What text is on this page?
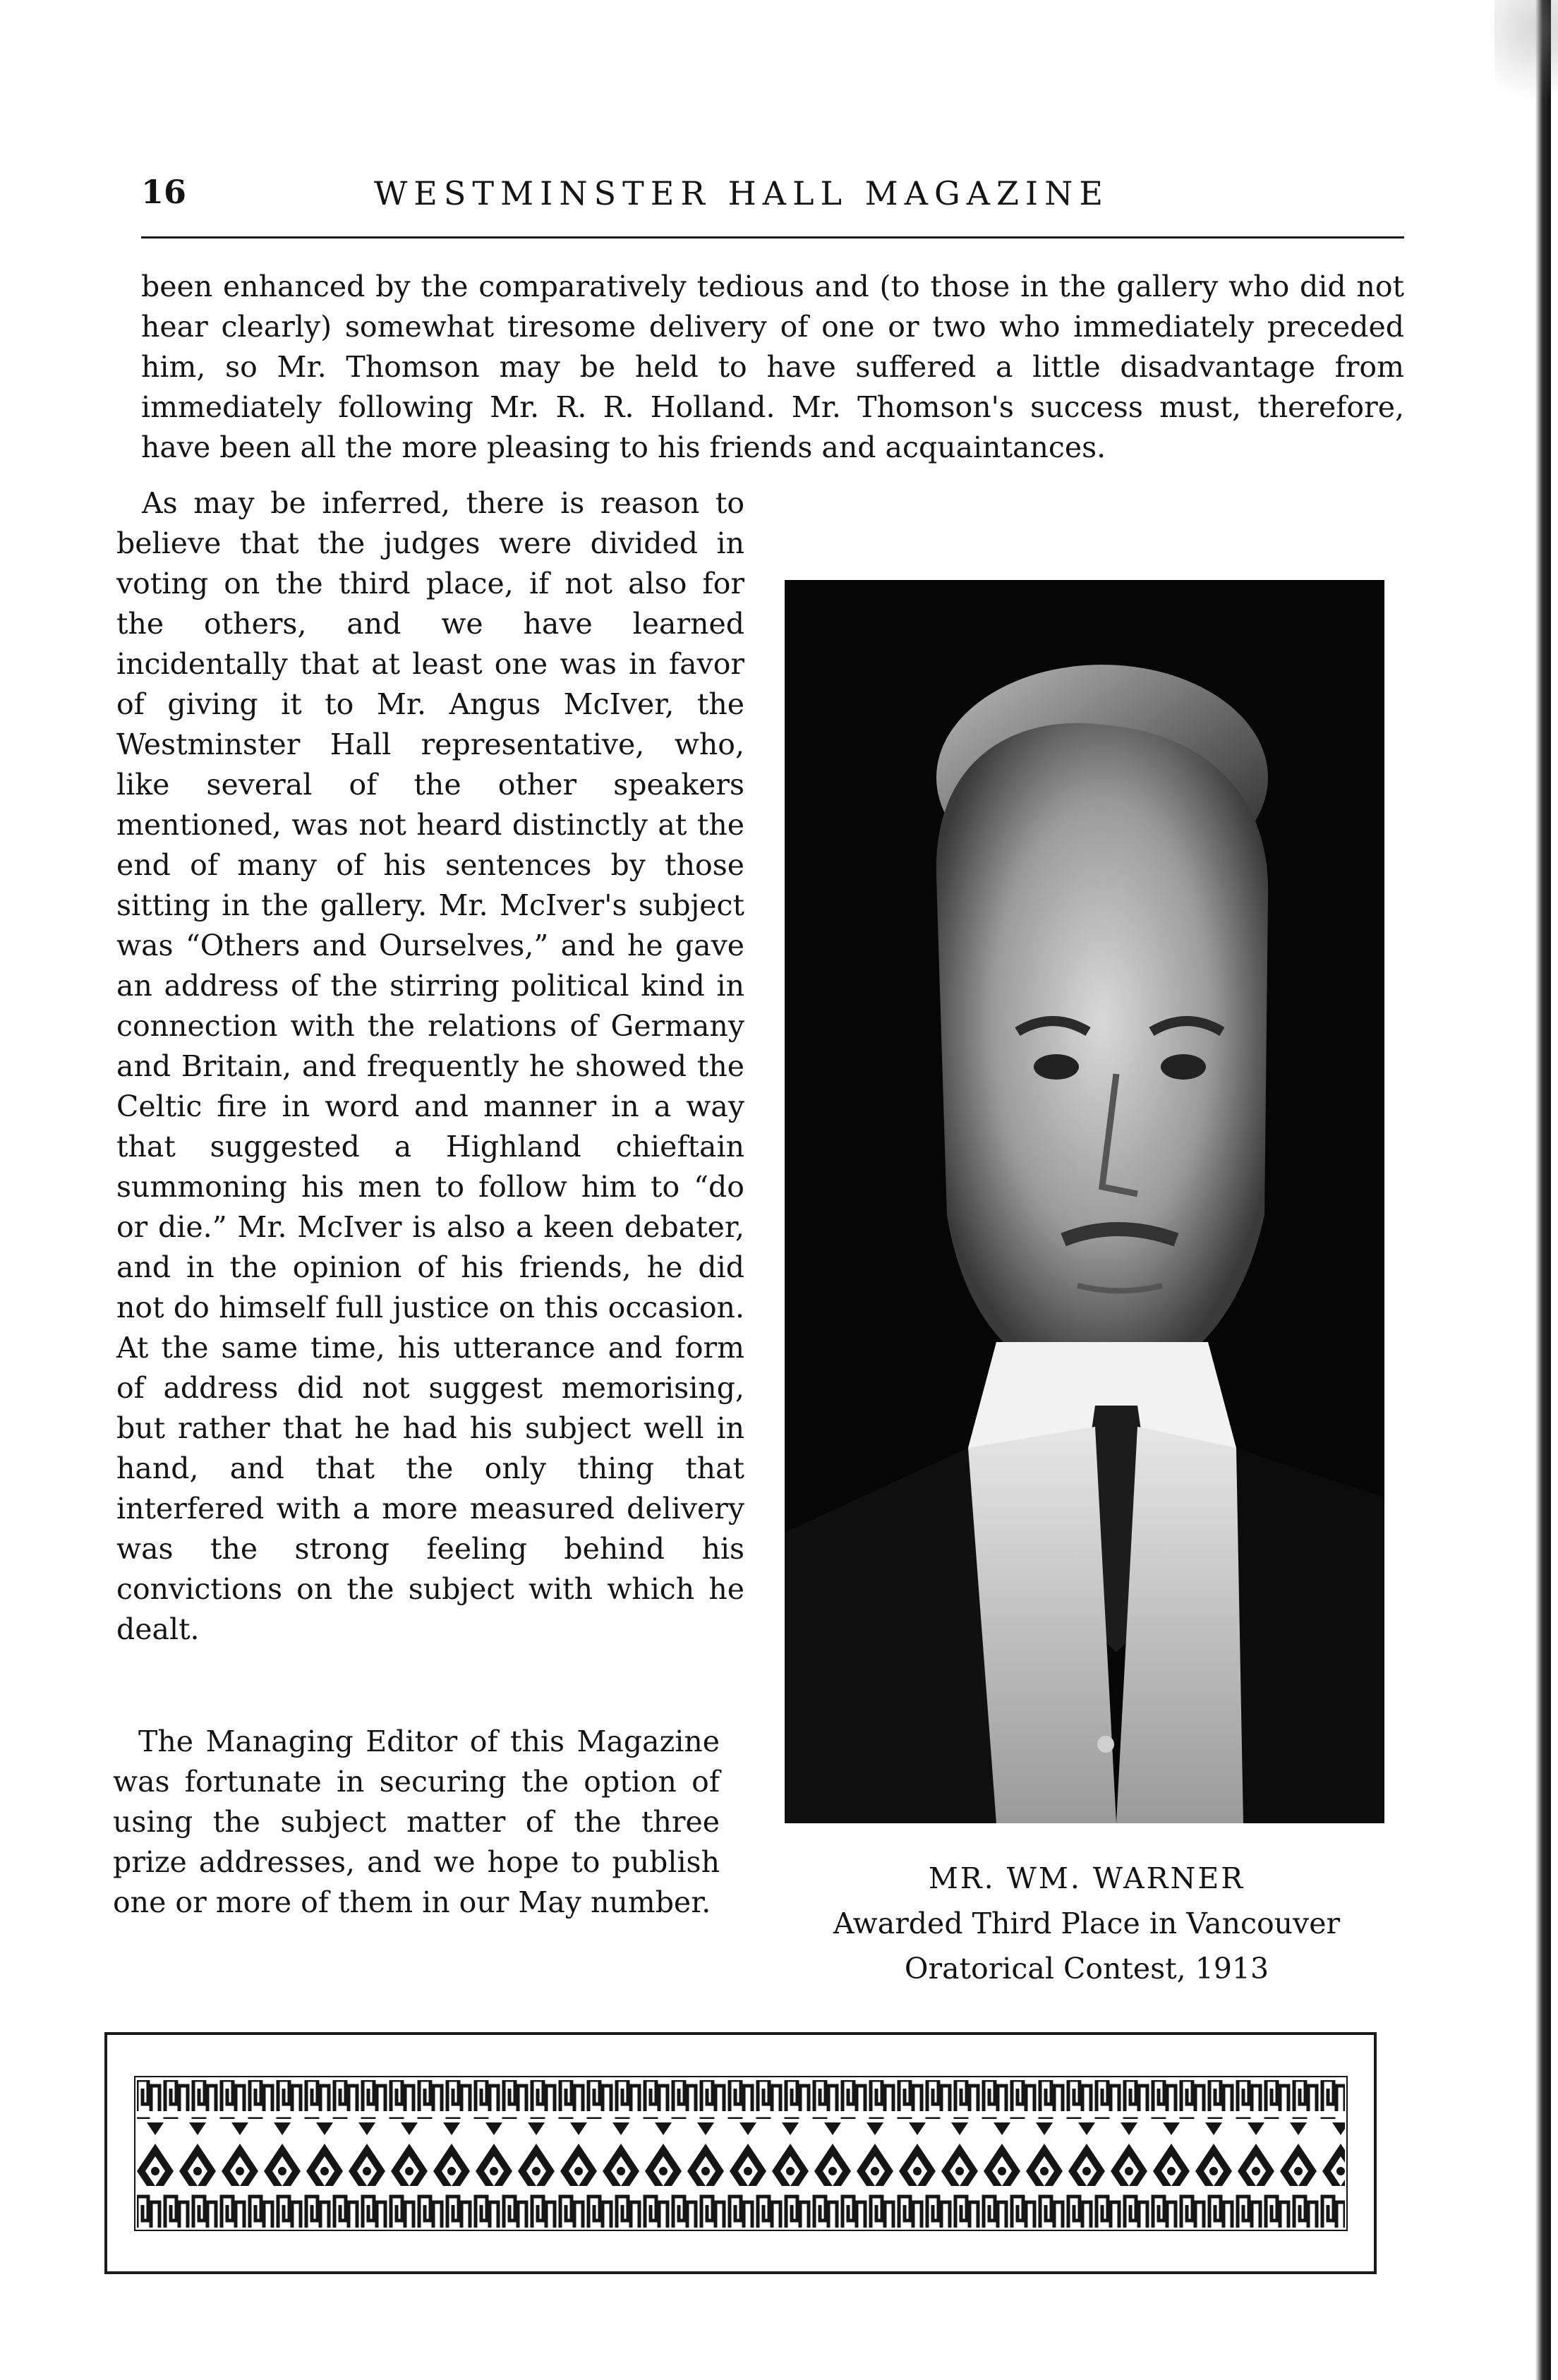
16	WESTMINSTER HALL MAGAZINE

been enhanced by the comparatively tedious and (to those in the gallery who did not hear clearly) somewhat tiresome delivery of one or two who immediately preceded him, so Mr. Thomson may be held to have suffered a little disadvantage from immediately following Mr. R. R. Holland. Mr. Thomson's success must, therefore, have been all the more pleasing to his friends and acquaintances.

As may be inferred, there is reason to believe that the judges were divided in voting on the third place, if not also for the others, and we have learned incidentally that at least one was in favor of giving it to Mr. Angus McIver, the Westminster Hall representative, who, like several of the other speakers mentioned, was not heard distinctly at the end of many of his sentences by those sitting in the gallery. Mr. McIver's subject was “Others and Ourselves,” and he gave an address of the stirring political kind in connection with the relations of Germany and Britain, and frequently he showed the Celtic fire in word and manner in a way that suggested a Highland chieftain summoning his men to follow him to “do or die.” Mr. McIver is also a keen debater, and in the opinion of his friends, he did not do himself full justice on this occasion. At the same time, his utterance and form of address did not suggest memorising, but rather that he had his subject well in hand, and that the only thing that interfered with a more measured delivery was the strong feeling behind his convictions on the subject with which he dealt.

The Managing Editor of this Magazine was fortunate in securing the option of using the subject matter of the three prize addresses, and we hope to publish one or more of them in our May number.

MR. WM. WARNER
Awarded Third Place in Vancouver
Oratorical Contest, 1913
